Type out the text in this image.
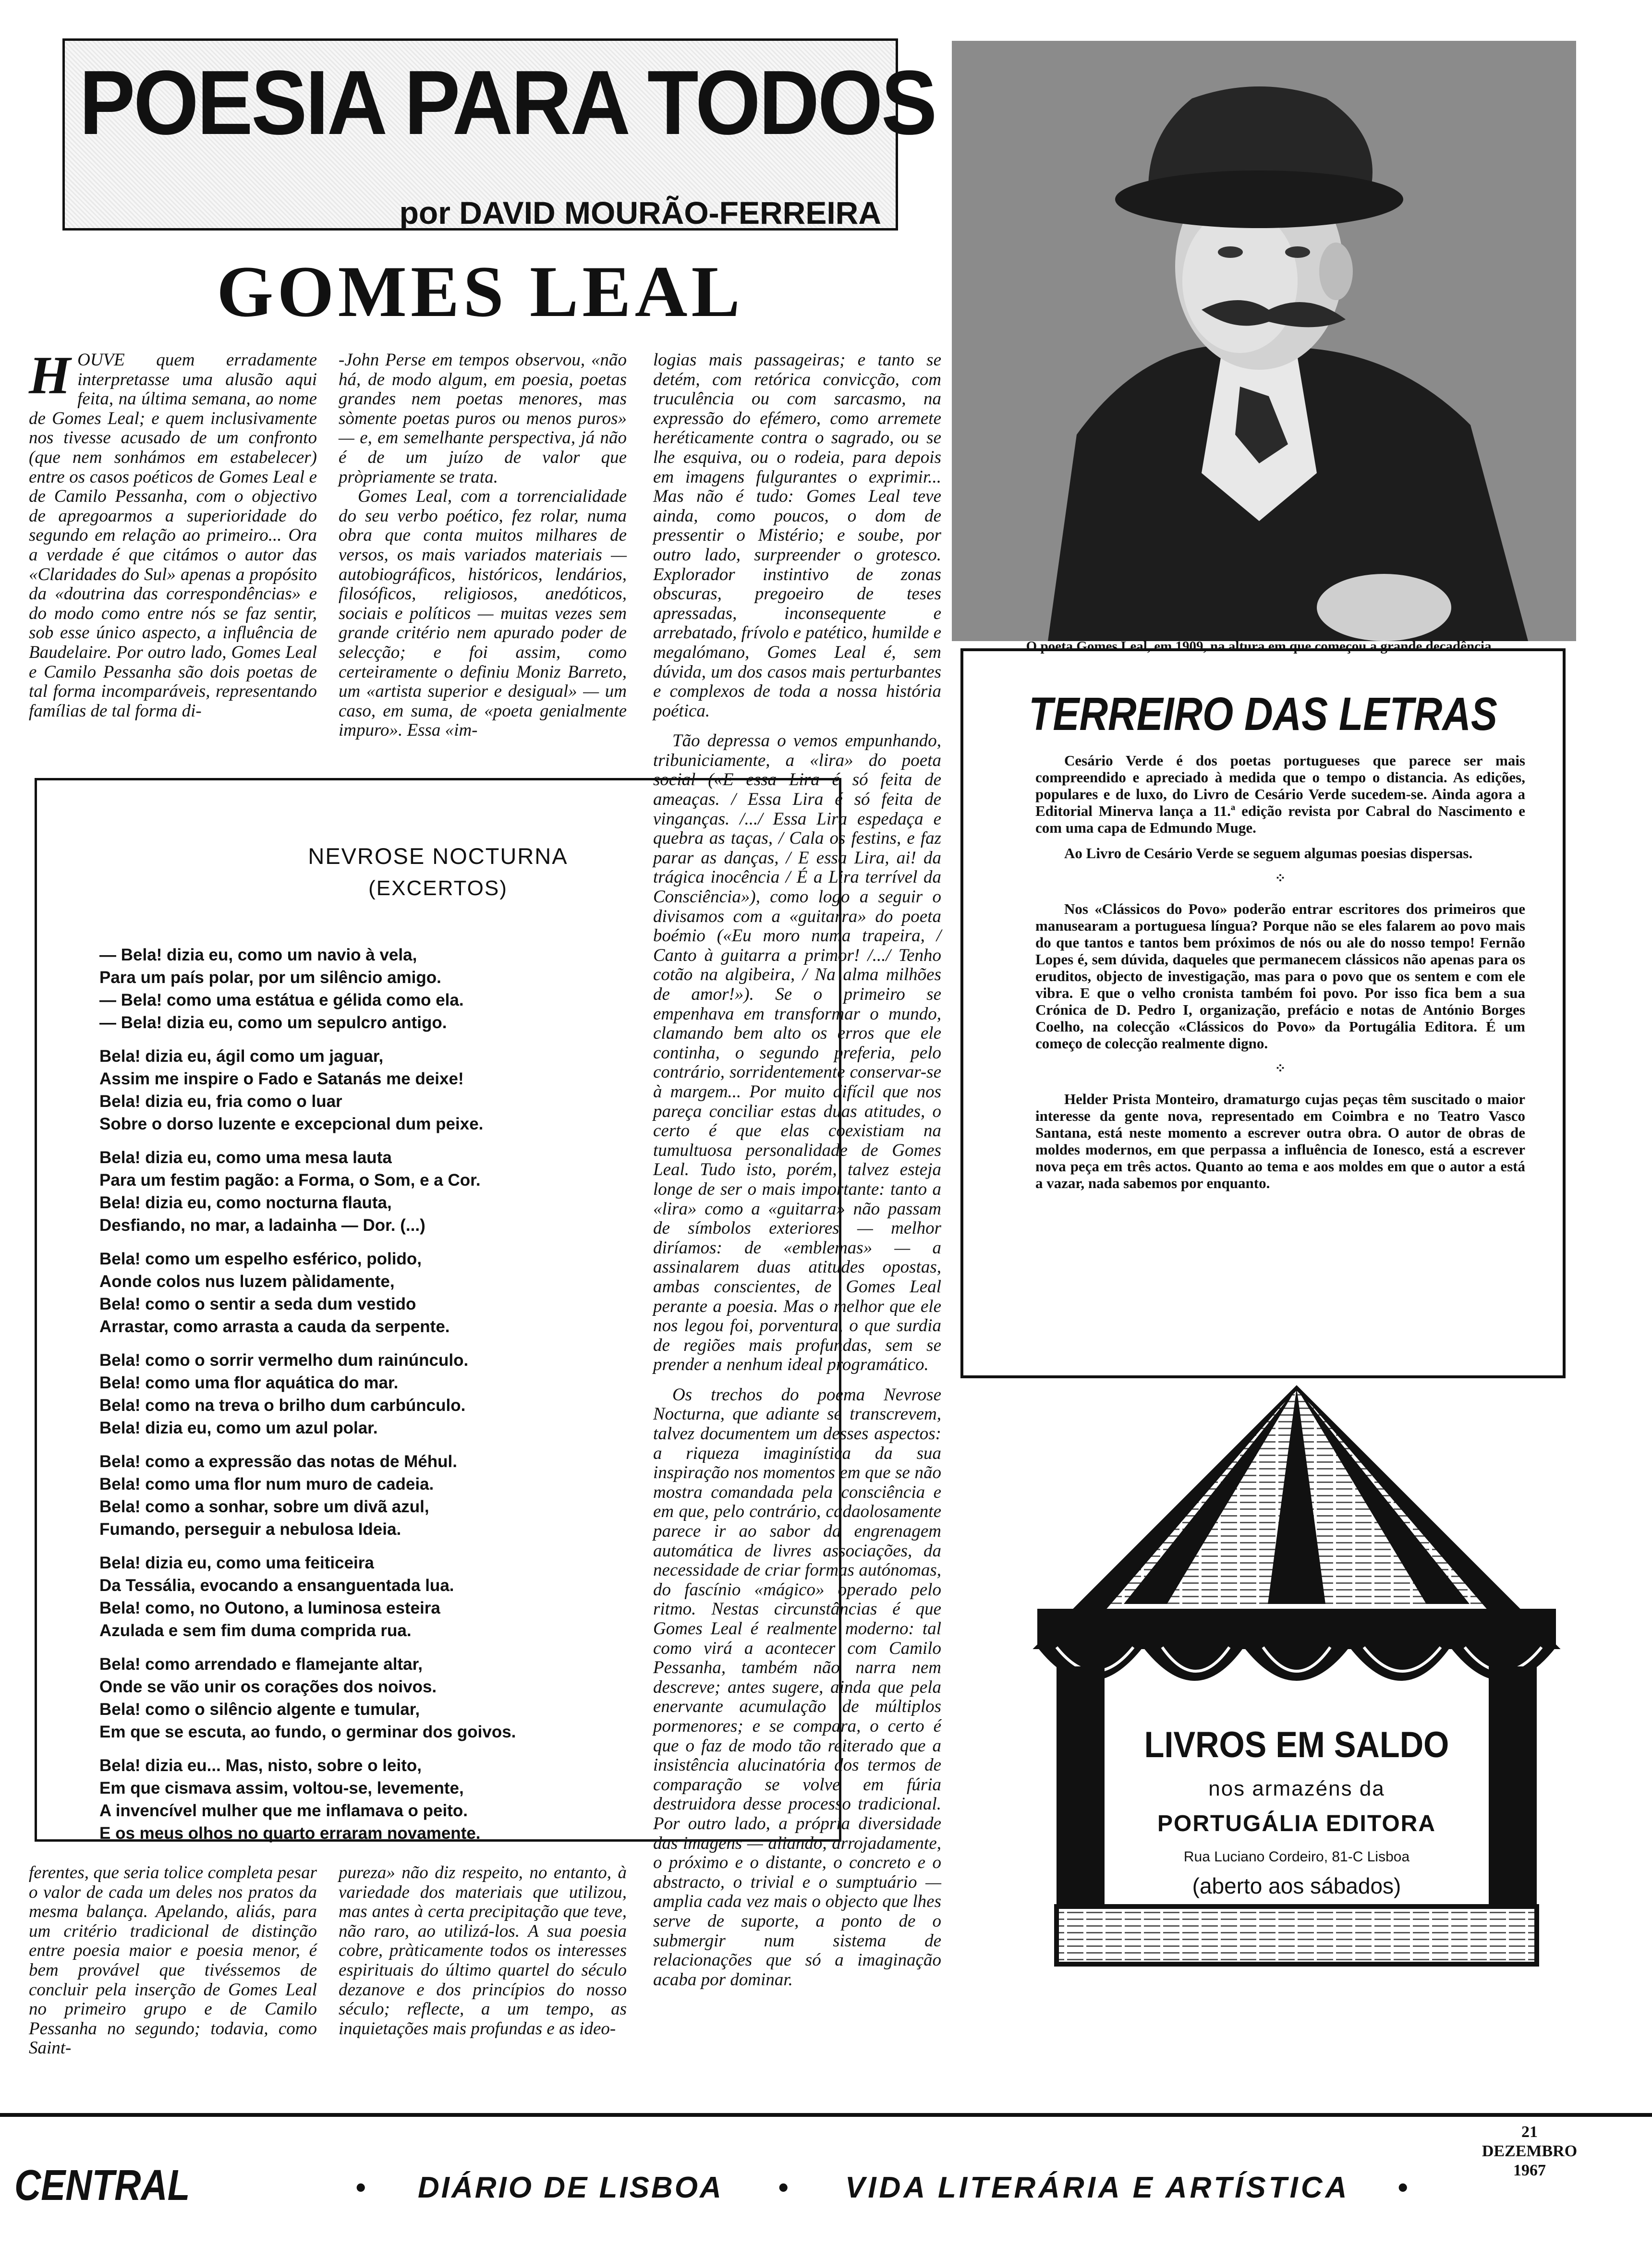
POESIA PARA TODOS
por DAVID MOURÃO-FERREIRA
GOMES LEAL
H OUVE quem erradamente interpretasse uma alusão aqui feita, na última semana, ao nome de Gomes Leal; e quem inclusivamente nos tivesse acusado de um confronto (que nem sonhámos em estabelecer) entre os casos poéticos de Gomes Leal e de Camilo Pessanha, com o objectivo de apregoarmos a superioridade do segundo em relação ao primeiro... Ora a verdade é que citámos o autor das «Claridades do Sul» apenas a propósito da «doutrina das correspondências» e do modo como entre nós se faz sentir, sob esse único aspecto, a influência de Baudelaire. Por outro lado, Gomes Leal e Camilo Pessanha são dois poetas de tal forma incomparáveis, representando famílias de tal forma di-

-John Perse em tempos observou, «não há, de modo algum, em poesia, poetas grandes nem poetas menores, mas sòmente poetas puros ou menos puros» — e, em semelhante perspectiva, já não é de um juízo de valor que pròpriamente se trata.

Gomes Leal, com a torrencialidade do seu verbo poético, fez rolar, numa obra que conta muitos milhares de versos, os mais variados materiais — autobiográficos, históricos, lendários, filosóficos, religiosos, anedóticos, sociais e políticos — muitas vezes sem grande critério nem apurado poder de selecção; e foi assim, como certeiramente o definiu Moniz Barreto, um «artista superior e desigual» — um caso, em suma, de «poeta genialmente impuro». Essa «im-

logias mais passageiras; e tanto se detém, com retórica convicção, com truculência ou com sarcasmo, na expressão do efémero, como arremete heréticamente contra o sagrado, ou se lhe esquiva, ou o rodeia, para depois em imagens fulgurantes o exprimir... Mas não é tudo: Gomes Leal teve ainda, como poucos, o dom de pressentir o Mistério; e soube, por outro lado, surpreender o grotesco. Explorador instintivo de zonas obscuras, pregoeiro de teses apressadas, inconsequente e arrebatado, frívolo e patético, humilde e megalómano, Gomes Leal é, sem dúvida, um dos casos mais perturbantes e complexos de toda a nossa história poética.

Tão depressa o vemos empunhando, tribuniciamente, a «lira» do poeta social («E essa Lira é só feita de ameaças. / Essa Lira é só feita de vinganças. /.../ Essa Lira espedaça e quebra as taças, / Cala os festins, e faz parar as danças, / E essa Lira, ai! da trágica inocência / É a Lira terrível da Consciência»), como logo a seguir o divisamos com a «guitarra» do poeta boémio («Eu moro numa trapeira, / Canto à guitarra a primor! /.../ Tenho cotão na algibeira, / Na alma milhões de amor!»). Se o primeiro se empenhava em transformar o mundo, clamando bem alto os erros que ele continha, o segundo preferia, pelo contrário, sorridentemente conservar-se à margem... Por muito difícil que nos pareça conciliar estas duas atitudes, o certo é que elas coexistiam na tumultuosa personalidade de Gomes Leal. Tudo isto, porém, talvez esteja longe de ser o mais importante: tanto a «lira» como a «guitarra» não passam de símbolos exteriores — melhor diríamos: de «emblemas» — a assinalarem duas atitudes opostas, ambas conscientes, de Gomes Leal perante a poesia. Mas o melhor que ele nos legou foi, porventura, o que surdia de regiões mais profundas, sem se prender a nenhum ideal programático.

Os trechos do poema Nevrose Nocturna, que adiante se transcrevem, talvez documentem um desses aspectos: a riqueza imaginística da sua inspiração nos momentos em que se não mostra comandada pela consciência e em que, pelo contrário, cadaolosamente parece ir ao sabor da engrenagem automática de livres associações, da necessidade de criar formas autónomas, do fascínio «mágico» operado pelo ritmo. Nestas circunstâncias é que Gomes Leal é realmente moderno: tal como virá a acontecer com Camilo Pessanha, também não narra nem descreve; antes sugere, ainda que pela enervante acumulação de múltiplos pormenores; e se compara, o certo é que o faz de modo tão reiterado que a insistência alucinatória dos termos de comparação se volve em fúria destruidora desse processo tradicional. Por outro lado, a própria diversidade das imagens — aliando, arrojadamente, o próximo e o distante, o concreto e o abstracto, o trivial e o sumptuário — amplia cada vez mais o objecto que lhes serve de suporte, a ponto de o submergir num sistema de relacionações que só a imaginação acaba por dominar.

NEVROSE NOCTURNA
(EXCERTOS)
— Bela! dizia eu, como um navio à vela,
Para um país polar, por um silêncio amigo.
— Bela! como uma estátua e gélida como ela.
— Bela! dizia eu, como um sepulcro antigo.
Bela! dizia eu, ágil como um jaguar,
Assim me inspire o Fado e Satanás me deixe!
Bela! dizia eu, fria como o luar
Sobre o dorso luzente e excepcional dum peixe.
Bela! dizia eu, como uma mesa lauta
Para um festim pagão: a Forma, o Som, e a Cor.
Bela! dizia eu, como nocturna flauta,
Desfiando, no mar, a ladainha — Dor. (...)
Bela! como um espelho esférico, polido,
Aonde colos nus luzem pàlidamente,
Bela! como o sentir a seda dum vestido
Arrastar, como arrasta a cauda da serpente.
Bela! como o sorrir vermelho dum rainúnculo.
Bela! como uma flor aquática do mar.
Bela! como na treva o brilho dum carbúnculo.
Bela! dizia eu, como um azul polar.
Bela! como a expressão das notas de Méhul.
Bela! como uma flor num muro de cadeia.
Bela! como a sonhar, sobre um divã azul,
Fumando, perseguir a nebulosa Ideia.
Bela! dizia eu, como uma feiticeira
Da Tessália, evocando a ensanguentada lua.
Bela! como, no Outono, a luminosa esteira
Azulada e sem fim duma comprida rua.
Bela! como arrendado e flamejante altar,
Onde se vão unir os corações dos noivos.
Bela! como o silêncio algente e tumular,
Em que se escuta, ao fundo, o germinar dos goivos.
Bela! dizia eu... Mas, nisto, sobre o leito,
Em que cismava assim, voltou-se, levemente,
A invencível mulher que me inflamava o peito.
E os meus olhos no quarto erraram novamente.

ferentes, que seria tolice completa pesar o valor de cada um deles nos pratos da mesma balança. Apelando, aliás, para um critério tradicional de distinção entre poesia maior e poesia menor, é bem provável que tivéssemos de concluir pela inserção de Gomes Leal no primeiro grupo e de Camilo Pessanha no segundo; todavia, como Saint-

pureza» não diz respeito, no entanto, à variedade dos materiais que utilizou, mas antes à certa precipitação que teve, não raro, ao utilizá-los. A sua poesia cobre, pràticamente todos os interesses espirituais do último quartel do século dezanove e dos princípios do nosso século; reflecte, a um tempo, as inquietações mais profundas e as ideo-

O poeta Gomes Leal, em 1909, na altura em que começou a grande decadência...
TERREIRO DAS LETRAS

Cesário Verde é dos poetas portugueses que parece ser mais compreendido e apreciado à medida que o tempo o distancia. As edições, populares e de luxo, do Livro de Cesário Verde sucedem-se. Ainda agora a Editorial Minerva lança a 11.ª edição revista por Cabral do Nascimento e com uma capa de Edmundo Muge.

Ao Livro de Cesário Verde se seguem algumas poesias dispersas.

⁘

Nos «Clássicos do Povo» poderão entrar escritores dos primeiros que manusearam a portuguesa língua? Porque não se eles falarem ao povo mais do que tantos e tantos bem próximos de nós ou ale do nosso tempo! Fernão Lopes é, sem dúvida, daqueles que permanecem clássicos não apenas para os eruditos, objecto de investigação, mas para o povo que os sentem e com ele vibra. E que o velho cronista também foi povo. Por isso fica bem a sua Crónica de D. Pedro I, organização, prefácio e notas de António Borges Coelho, na colecção «Clássicos do Povo» da Portugália Editora. É um começo de colecção realmente digno.

⁘

Helder Prista Monteiro, dramaturgo cujas peças têm suscitado o maior interesse da gente nova, representado em Coimbra e no Teatro Vasco Santana, está neste momento a escrever outra obra. O autor de obras de moldes modernos, em que perpassa a influência de Ionesco, está a escrever nova peça em três actos. Quanto ao tema e aos moldes em que o autor a está a vazar, nada sabemos por enquanto.

LIVROS EM SALDO
nos armazéns da
PORTUGÁLIA EDITORA
Rua Luciano Cordeiro, 81-C Lisboa
(aberto aos sábados)
CENTRAL	• DIÁRIO DE LISBOA • VIDA LITERÁRIA E ARTÍSTICA •
21
DEZEMBRO
1967
